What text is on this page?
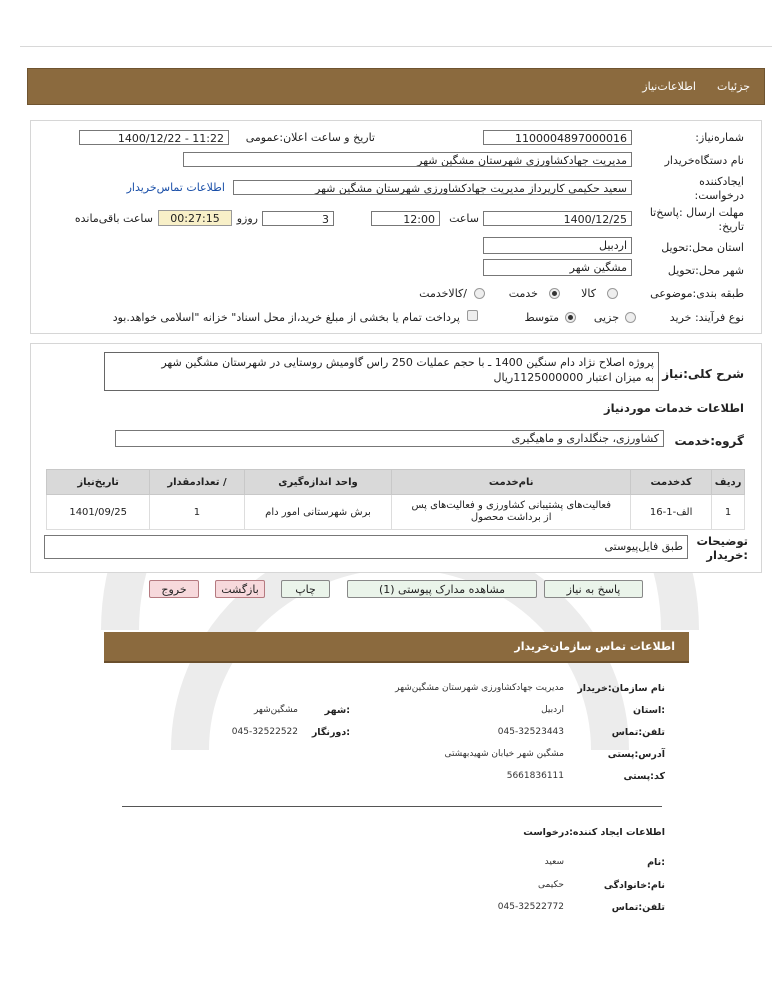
جزئیات
اطلاعات‌نیاز
شماره‌نیاز:
1100004897000016
تاریخ و ساعت اعلان:عمومی
1400/12/22 - 11:22
نام دستگاه‌خریدار
مدیریت جهادکشاورزی شهرستان مشگین شهر
ایجادکننده درخواست:
سعید حکیمی کارپرداز مدیریت جهادکشاورزی شهرستان مشگین شهر
اطلاعات تماس‌خریدار
مهلت ارسال :پاسخ‌تا تاریخ:
1400/12/25
ساعت
12:00
3
روزو
00:27:15
ساعت باقی‌مانده
استان محل:تحویل
اردبیل
شهر محل:تحویل
مشگین شهر
طبقه بندی:موضوعی
کالا
خدمت
/کالاخدمت
نوع فرآیند: خرید
جزیی
متوسط
پرداخت تمام یا بخشی از مبلغ خرید،از محل اسناد" خزانه "اسلامی خواهد.بود
شرح کلی:نیاز
پروژه اصلاح نژاد دام سنگین 1400 ـ با حجم عملیات 250 راس گاومیش روستایی در شهرستان مشگین شهر
به میزان اعتبار 1125000000ریال
اطلاعات خدمات موردنیاز
گروه:خدمت
کشاورزی، جنگلداری و ماهیگیری
ردیف	کدخدمت	نام‌خدمت	واحد اندازه‌گیری	/ تعدادمقدار	تاریخ‌نیاز
1	الف-1-16	فعالیت‌های پشتیبانی کشاورزی و فعالیت‌های پس
از برداشت محصول	برش شهرستانی امور دام	1	1401/09/25
توضیحات :خریدار
طبق فایل‌پیوستی
پاسخ به نیاز
مشاهده مدارک پیوستی (1)
چاپ
بازگشت
خروج
اطلاعات تماس سازمان‌خریدار
نام سازمان:خریدار
مدیریت جهادکشاورزی شهرستان مشگین‌شهر
:استان
اردبیل
:شهر
مشگین‌شهر
تلفن:تماس
045-32523443
:دورنگار
045-32522522
آدرس:پستی
مشگین شهر خیابان شهیدبهشتی
کد:پستی
5661836111
اطلاعات ایجاد کننده:درخواست
:نام
سعید
نام:خانوادگی
حکیمی
تلفن:تماس
045-32522772
